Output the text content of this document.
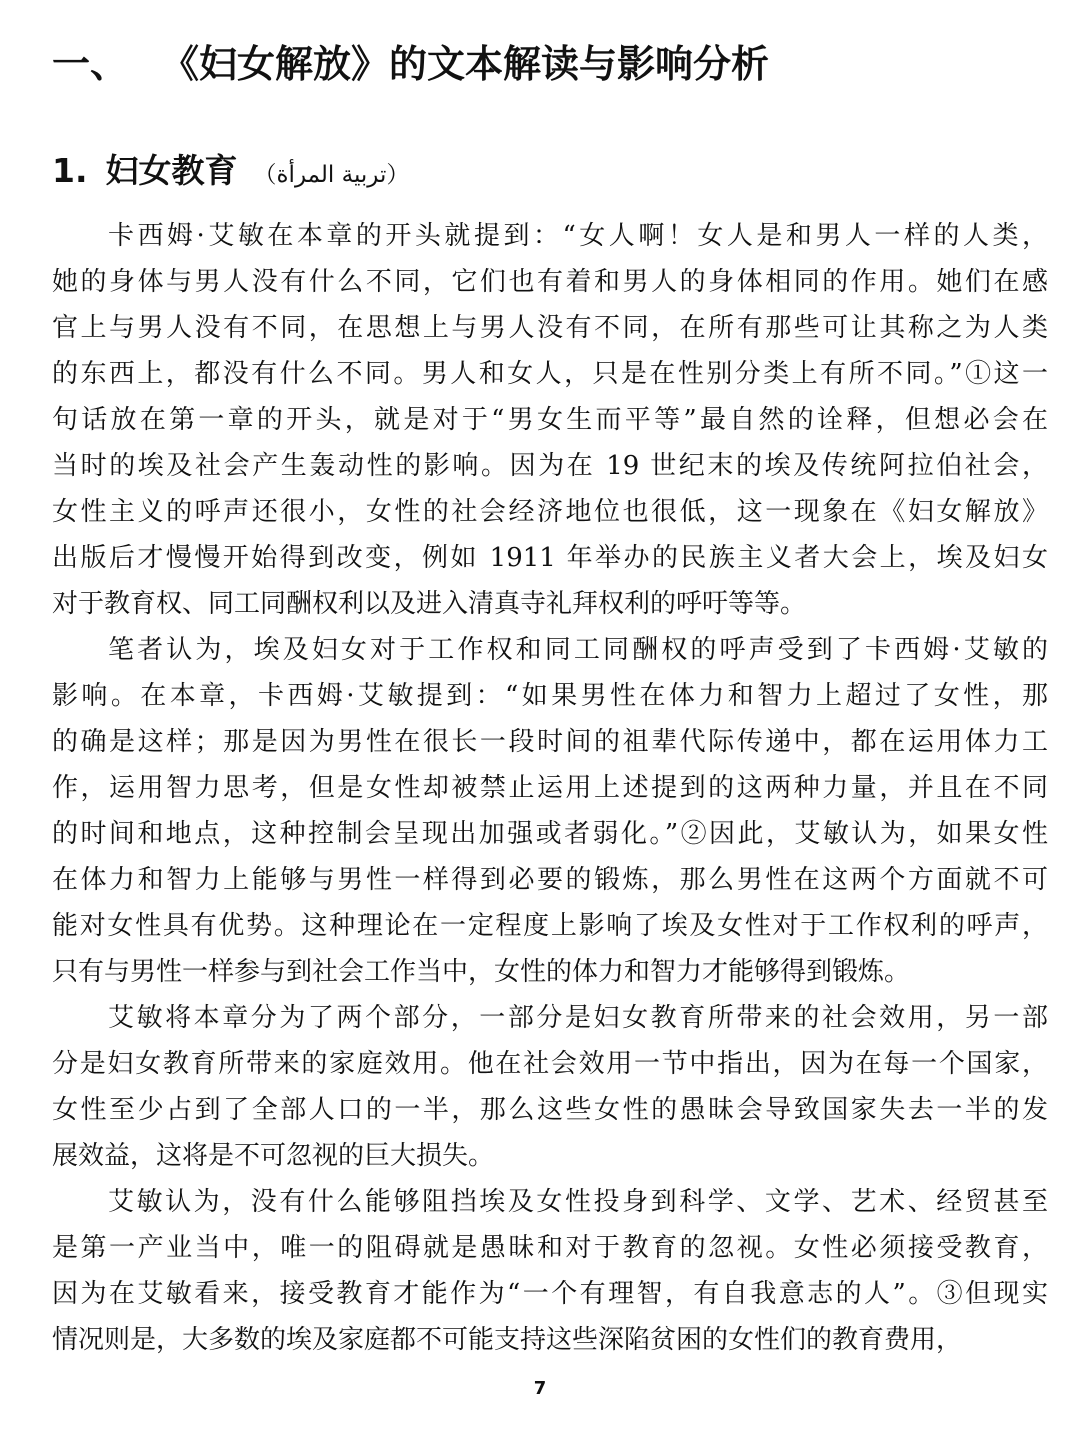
一、 《妇女解放》的文本解读与影响分析
1. 妇女教育 （تربية المرأة）
卡西姆·艾敏在本章的开头就提到：“女人啊！女人是和男人一样的人类，
她的身体与男人没有什么不同，它们也有着和男人的身体相同的作用。她们在感
官上与男人没有不同，在思想上与男人没有不同，在所有那些可让其称之为人类
的东西上，都没有什么不同。男人和女人，只是在性别分类上有所不同。”①这一
句话放在第一章的开头，就是对于“男女生而平等”最自然的诠释，但想必会在
当时的埃及社会产生轰动性的影响。因为在 19 世纪末的埃及传统阿拉伯社会，
女性主义的呼声还很小，女性的社会经济地位也很低，这一现象在《妇女解放》
出版后才慢慢开始得到改变，例如 1911 年举办的民族主义者大会上，埃及妇女
对于教育权、同工同酬权利以及进入清真寺礼拜权利的呼吁等等。
笔者认为，埃及妇女对于工作权和同工同酬权的呼声受到了卡西姆·艾敏的
影响。在本章，卡西姆·艾敏提到：“如果男性在体力和智力上超过了女性，那
的确是这样；那是因为男性在很长一段时间的祖辈代际传递中，都在运用体力工
作，运用智力思考，但是女性却被禁止运用上述提到的这两种力量，并且在不同
的时间和地点，这种控制会呈现出加强或者弱化。”②因此，艾敏认为，如果女性
在体力和智力上能够与男性一样得到必要的锻炼，那么男性在这两个方面就不可
能对女性具有优势。这种理论在一定程度上影响了埃及女性对于工作权利的呼声，
只有与男性一样参与到社会工作当中，女性的体力和智力才能够得到锻炼。
艾敏将本章分为了两个部分，一部分是妇女教育所带来的社会效用，另一部
分是妇女教育所带来的家庭效用。他在社会效用一节中指出，因为在每一个国家，
女性至少占到了全部人口的一半，那么这些女性的愚昧会导致国家失去一半的发
展效益，这将是不可忽视的巨大损失。
艾敏认为，没有什么能够阻挡埃及女性投身到科学、文学、艺术、经贸甚至
是第一产业当中，唯一的阻碍就是愚昧和对于教育的忽视。女性必须接受教育，
因为在艾敏看来，接受教育才能作为“一个有理智，有自我意志的人”。③但现实
情况则是，大多数的埃及家庭都不可能支持这些深陷贫困的女性们的教育费用，
7
